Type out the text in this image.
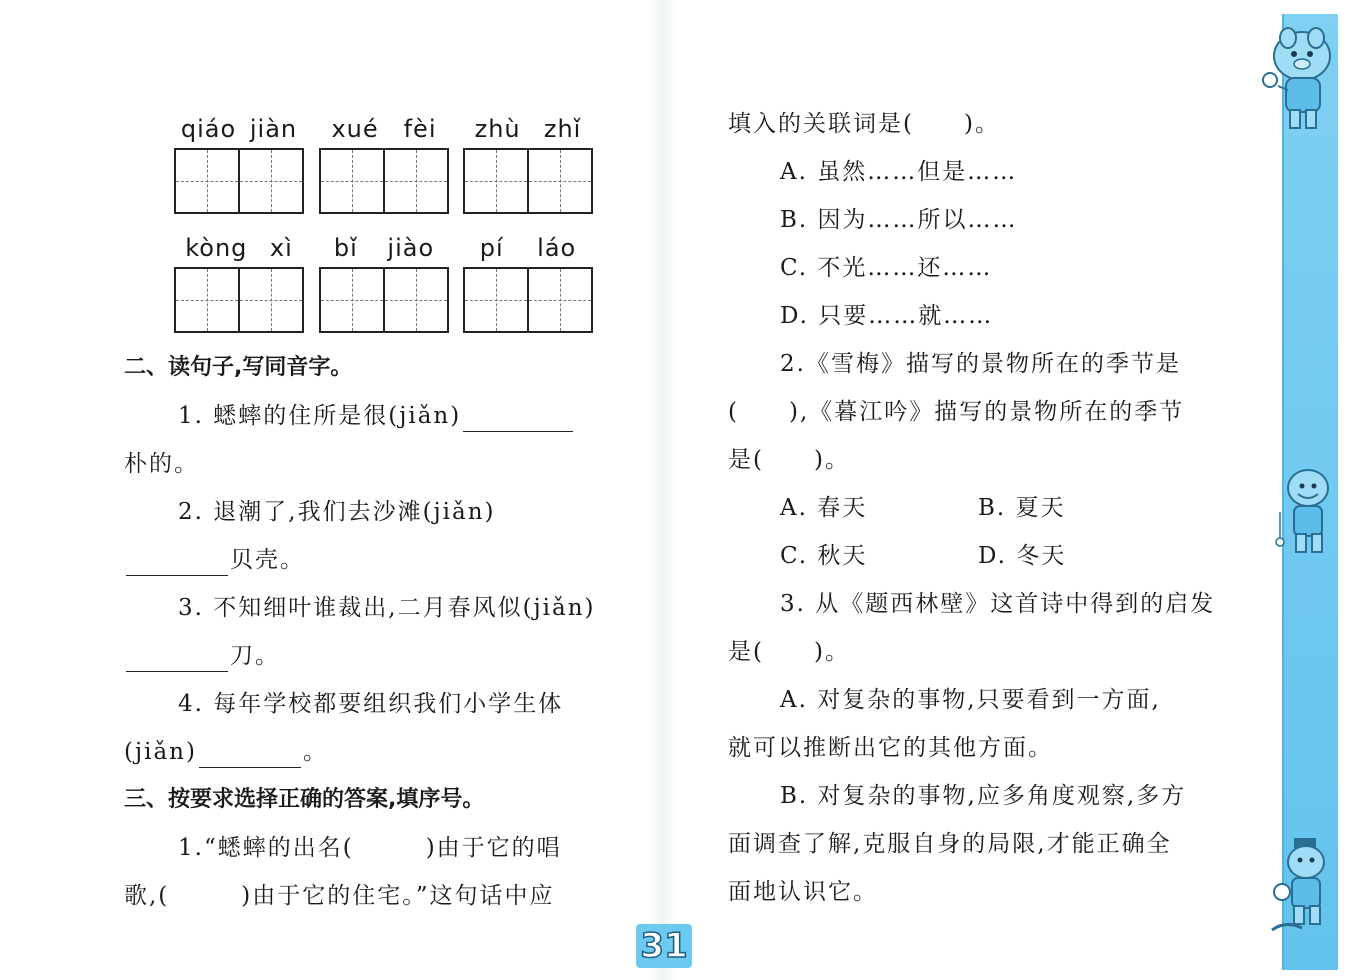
qiáo jiàn xué fèi zhù zhǐ
kòng xì bǐ jiào pí láo
二、读句子,写同音字。
1. 蟋蟀的住所是很(jiǎn)
朴的。
2. 退潮了,我们去沙滩(jiǎn)
贝壳。
3. 不知细叶谁裁出,二月春风似(jiǎn)
刀。
4. 每年学校都要组织我们小学生体
(jiǎn)	。
三、按要求选择正确的答案,填序号。
1.“蟋蟀的出名(	)由于它的唱
歌,(	)由于它的住宅。”这句话中应
填入的关联词是(　　)。
A. 虽然……但是……
B. 因为……所以……
C. 不光……还……
D. 只要……就……
2.《雪梅》描写的景物所在的季节是
(　　),《暮江吟》描写的景物所在的季节
是(　　)。
A. 春天	B. 夏天
C. 秋天	D. 冬天
3. 从《题西林壁》这首诗中得到的启发
是(　　)。
A. 对复杂的事物,只要看到一方面,
就可以推断出它的其他方面。
B. 对复杂的事物,应多角度观察,多方
面调查了解,克服自身的局限,才能正确全
面地认识它。
31
